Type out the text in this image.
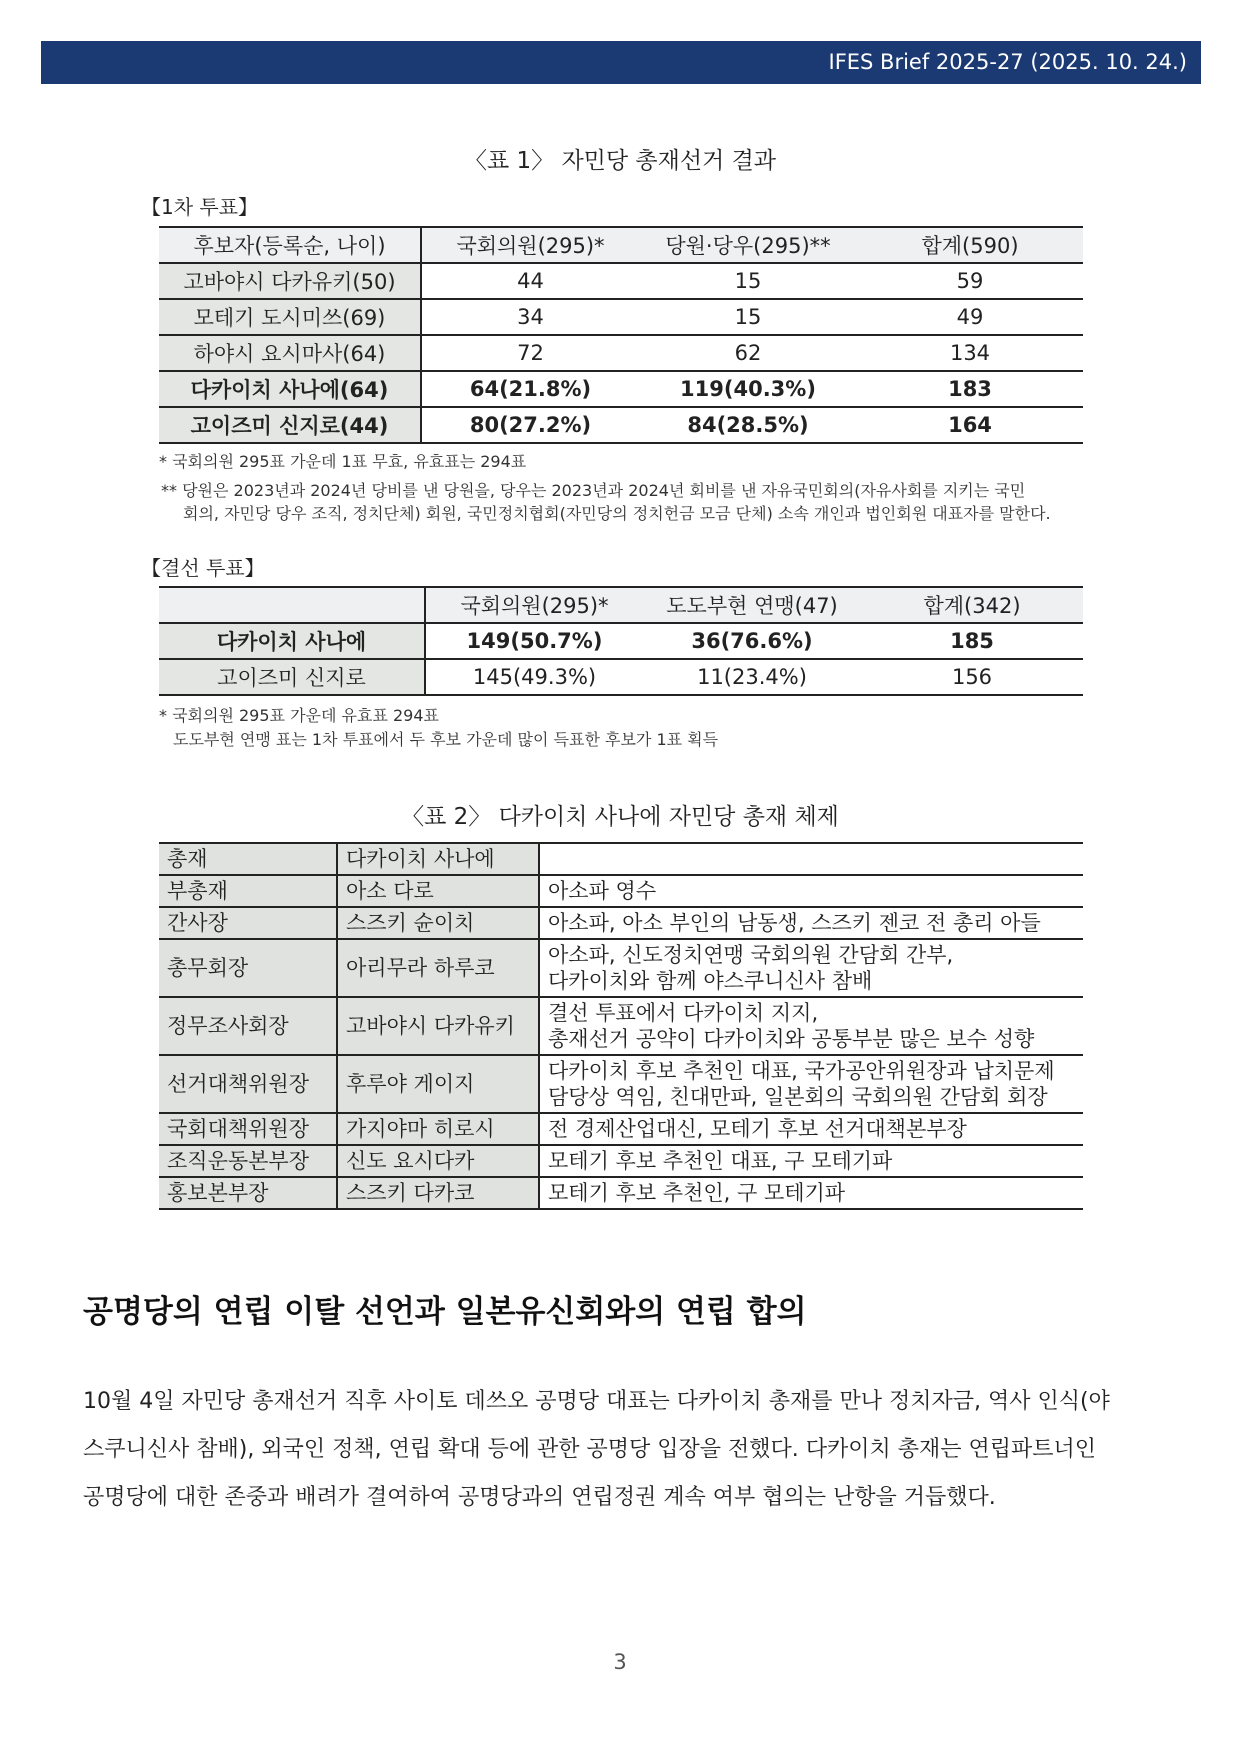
IFES Brief 2025-27 (2025. 10. 24.)
〈표 1〉 자민당 총재선거 결과
【1차 투표】
후보자(등록순, 나이)	국회의원(295)*	당원·당우(295)**	합계(590)
고바야시 다카유키(50)	44	15	59
모테기 도시미쓰(69)	34	15	49
하야시 요시마사(64)	72	62	134
다카이치 사나에(64)	64(21.8%)	119(40.3%)	183
고이즈미 신지로(44)	80(27.2%)	84(28.5%)	164
* 국회의원 295표 가운데 1표 무효, 유효표는 294표
** 당원은 2023년과 2024년 당비를 낸 당원을, 당우는 2023년과 2024년 회비를 낸 자유국민회의(자유사회를 지키는 국민
회의, 자민당 당우 조직, 정치단체) 회원, 국민정치협회(자민당의 정치헌금 모금 단체) 소속 개인과 법인회원 대표자를 말한다.
【결선 투표】
	국회의원(295)*	도도부현 연맹(47)	합계(342)
다카이치 사나에	149(50.7%)	36(76.6%)	185
고이즈미 신지로	145(49.3%)	11(23.4%)	156
* 국회의원 295표 가운데 유효표 294표
도도부현 연맹 표는 1차 투표에서 두 후보 가운데 많이 득표한 후보가 1표 획득
〈표 2〉 다카이치 사나에 자민당 총재 체제
총재	다카이치 사나에	

부총재	아소 다로	아소파 영수

간사장	스즈키 슌이치	아소파, 아소 부인의 남동생, 스즈키 젠코 전 총리 아들

총무회장	아리무라 하루코	아소파, 신도정치연맹 국회의원 간담회 간부,
다카이치와 함께 야스쿠니신사 참배

정무조사회장	고바야시 다카유키	결선 투표에서 다카이치 지지,
총재선거 공약이 다카이치와 공통부분 많은 보수 성향

선거대책위원장	후루야 게이지	다카이치 후보 추천인 대표, 국가공안위원장과 납치문제
담당상 역임, 친대만파, 일본회의 국회의원 간담회 회장

국회대책위원장	가지야마 히로시	전 경제산업대신, 모테기 후보 선거대책본부장

조직운동본부장	신도 요시다카	모테기 후보 추천인 대표, 구 모테기파

홍보본부장	스즈키 다카코	모테기 후보 추천인, 구 모테기파
공명당의 연립 이탈 선언과 일본유신회와의 연립 합의
10월 4일 자민당 총재선거 직후 사이토 데쓰오 공명당 대표는 다카이치 총재를 만나 정치자금, 역사 인식(야
스쿠니신사 참배), 외국인 정책, 연립 확대 등에 관한 공명당 입장을 전했다. 다카이치 총재는 연립파트너인
공명당에 대한 존중과 배려가 결여하여 공명당과의 연립정권 계속 여부 협의는 난항을 거듭했다.
3
